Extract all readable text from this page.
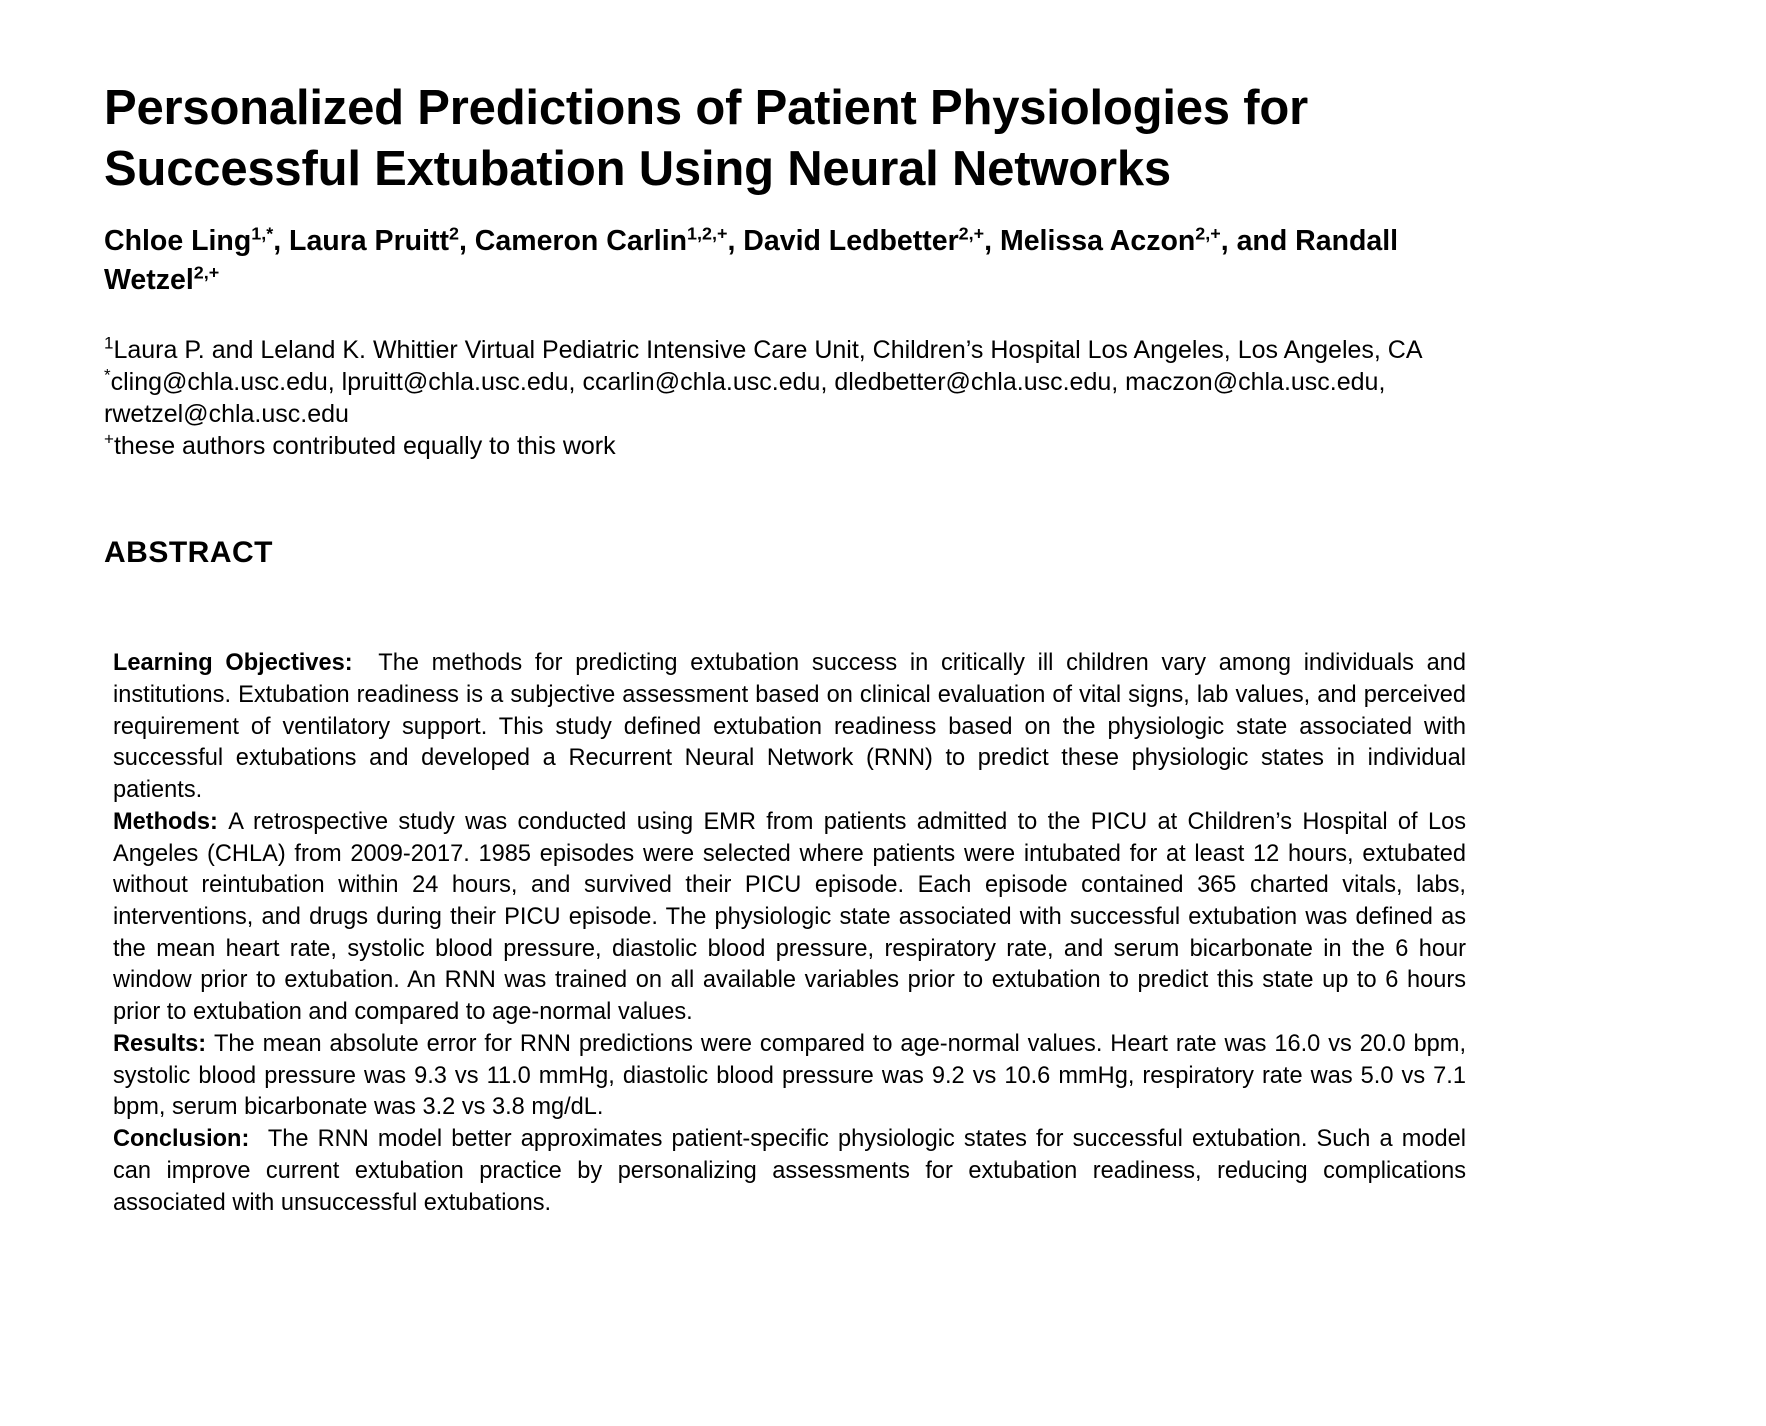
Personalized Predictions of Patient Physiologies for Successful Extubation Using Neural Networks
Chloe Ling$^{1,*}$, Laura Pruitt$^2$, Cameron Carlin$^{1,2,+}$, David Ledbetter$^{2,+}$, Melissa Aczon$^{2,+}$, and Randall Wetzel$^{2,+}$

$^1$Laura P. and Leland K. Whittier Virtual Pediatric Intensive Care Unit, Children’s Hospital Los Angeles, Los Angeles, CA

*cling@chla.usc.edu, lpruitt@chla.usc.edu, ccarlin@chla.usc.edu, dledbetter@chla.usc.edu, maczon@chla.usc.edu, rwetzel@chla.usc.edu

+these authors contributed equally to this work

ABSTRACT

Learning Objectives: The methods for predicting extubation success in critically ill children vary among individuals and institutions. Extubation readiness is a subjective assessment based on clinical evaluation of vital signs, lab values, and perceived requirement of ventilatory support. This study defined extubation readiness based on the physiologic state associated with successful extubations and developed a Recurrent Neural Network (RNN) to predict these physiologic states in individual patients.

Methods: A retrospective study was conducted using EMR from patients admitted to the PICU at Children’s Hospital of Los Angeles (CHLA) from 2009-2017. 1985 episodes were selected where patients were intubated for at least 12 hours, extubated without reintubation within 24 hours, and survived their PICU episode. Each episode contained 365 charted vitals, labs, interventions, and drugs during their PICU episode. The physiologic state associated with successful extubation was defined as the mean heart rate, systolic blood pressure, diastolic blood pressure, respiratory rate, and serum bicarbonate in the 6 hour window prior to extubation. An RNN was trained on all available variables prior to extubation to predict this state up to 6 hours prior to extubation and compared to age-normal values.

Results: The mean absolute error for RNN predictions were compared to age-normal values. Heart rate was 16.0 vs 20.0 bpm, systolic blood pressure was 9.3 vs 11.0 mmHg, diastolic blood pressure was 9.2 vs 10.6 mmHg, respiratory rate was 5.0 vs 7.1 bpm, serum bicarbonate was 3.2 vs 3.8 mg/dL.

Conclusion: The RNN model better approximates patient-specific physiologic states for successful extubation. Such a model can improve current extubation practice by personalizing assessments for extubation readiness, reducing complications associated with unsuccessful extubations.
